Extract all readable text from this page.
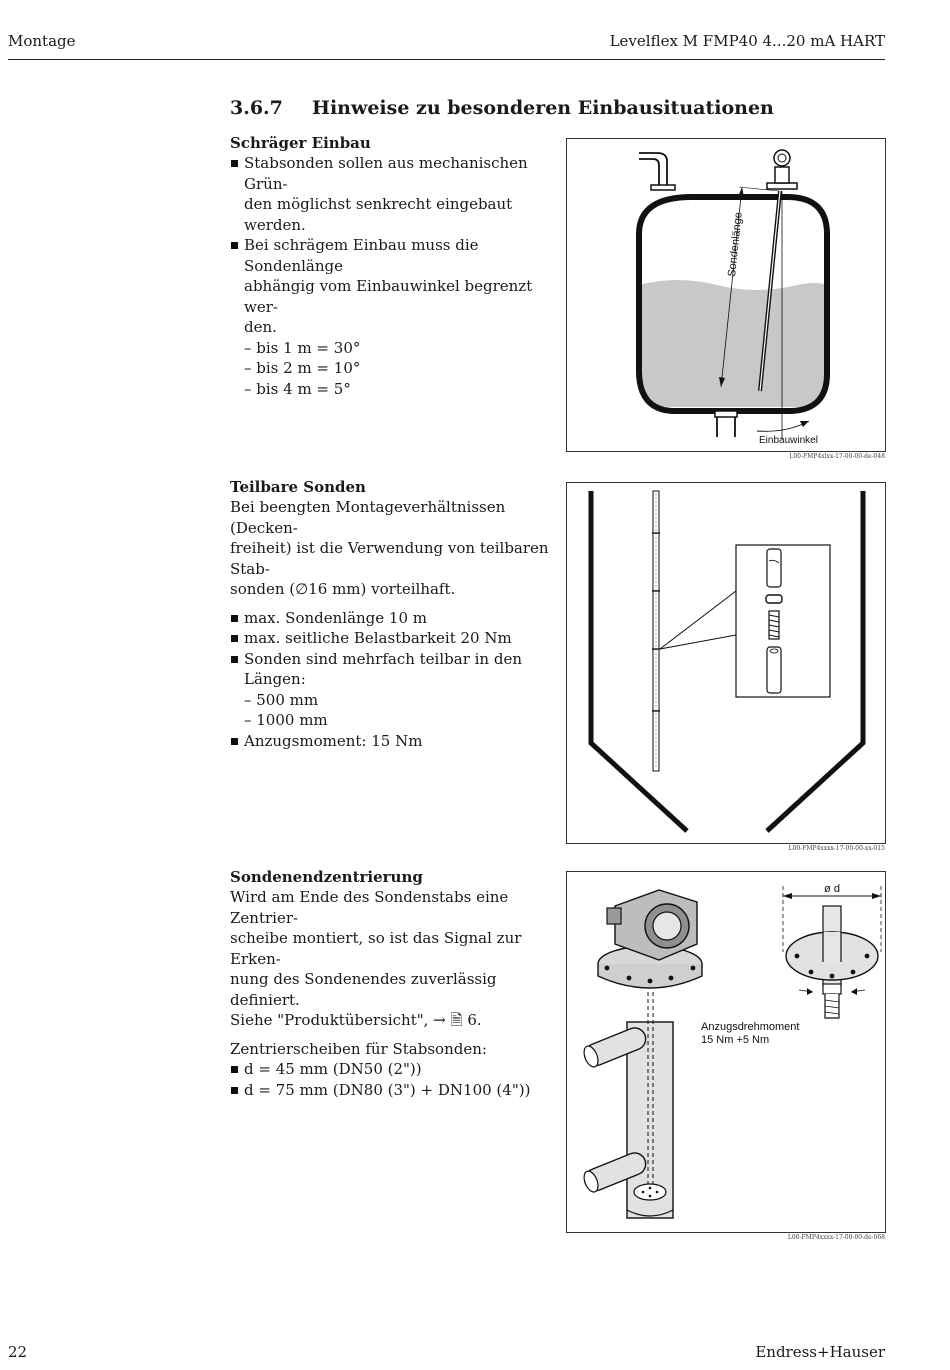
Montage	Levelflex M FMP40 4...20 mA HART
3.6.7 Hinweise zu besonderen Einbausituationen
Schräger Einbau
Stabsonden sollen aus mechanischen Grün-
den möglichst senkrecht eingebaut werden.
Bei schrägem Einbau muss die Sondenlänge
abhängig vom Einbauwinkel begrenzt wer-
den.
– bis 1 m = 30°
– bis 2 m = 10°
– bis 4 m = 5°
Sondenlänge
Einbauwinkel
L00-FMP4xlxx-17-00-00-de-048
Teilbare Sonden
Bei beengten Montageverhältnissen (Decken-
freiheit) ist die Verwendung von teilbaren Stab-
sonden (∅16 mm) vorteilhaft.
max. Sondenlänge 10 m
max. seitliche Belastbarkeit 20 Nm
Sonden sind mehrfach teilbar in den Längen:
– 500 mm
– 1000 mm
Anzugsmoment: 15 Nm
L00-FMP4xxxx-17-00-00-xx-015
Sondenendzentrierung
Wird am Ende des Sondenstabs eine Zentrier-
scheibe montiert, so ist das Signal zur Erken-
nung des Sondenendes zuverlässig definiert.
Siehe "Produktübersicht", → 🗎 6.
Zentrierscheiben für Stabsonden:
d = 45 mm (DN50 (2"))
d = 75 mm (DN80 (3") + DN100 (4"))
ø d
Anzugsdrehmoment
15 Nm +5 Nm
L00-FMP4xxxx-17-00-00-de-068
22	Endress+Hauser
